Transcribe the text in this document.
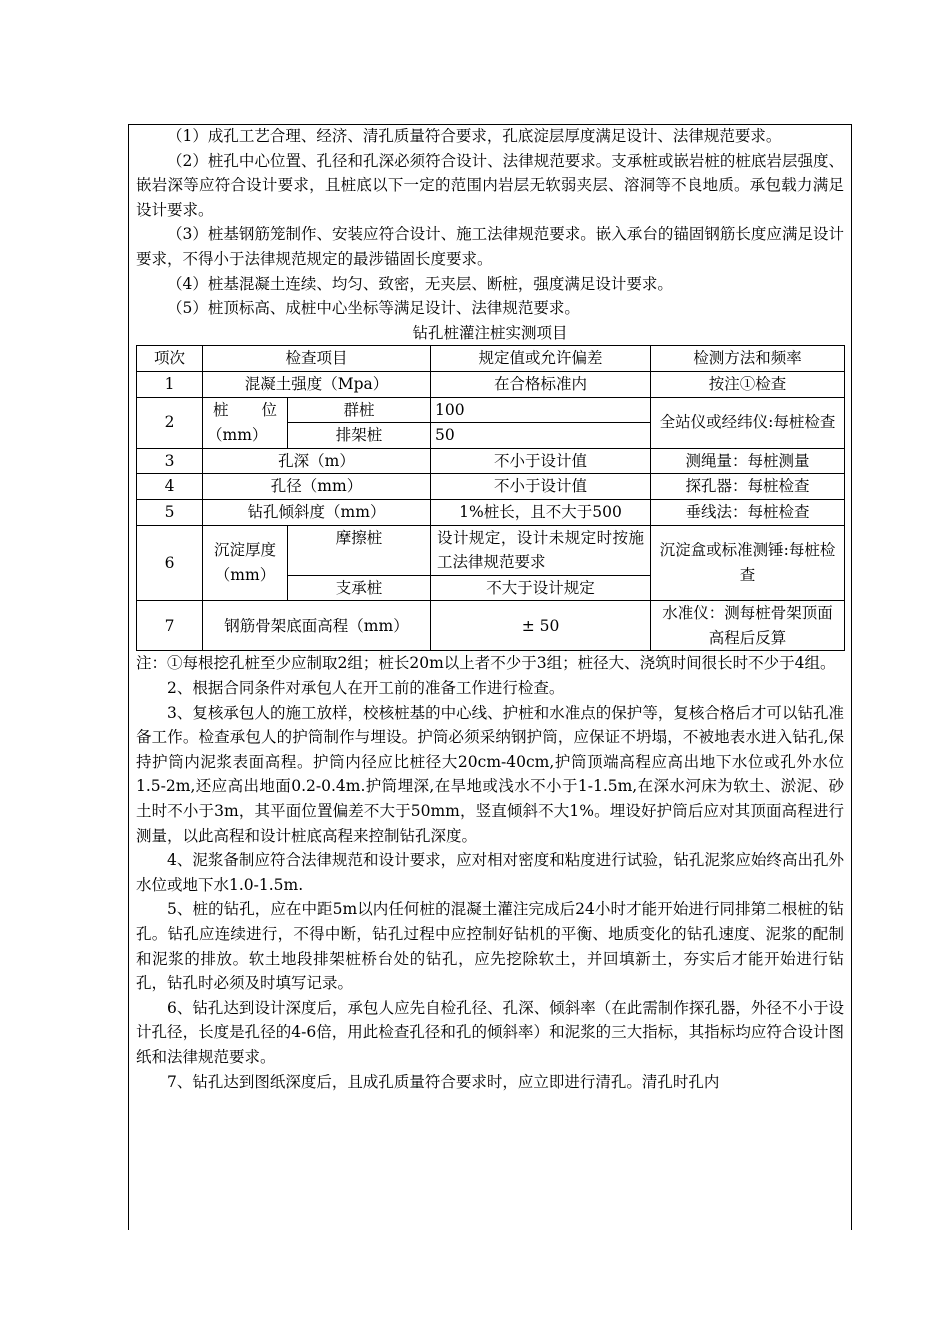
（1）成孔工艺合理、经济、清孔质量符合要求，孔底淀层厚度满足设计、法律规范要求。

（2）桩孔中心位置、孔径和孔深必须符合设计、法律规范要求。支承桩或嵌岩桩的桩底岩层强度、嵌岩深等应符合设计要求，且桩底以下一定的范围内岩层无软弱夹层、溶洞等不良地质。承包载力满足设计要求。

（3）桩基钢筋笼制作、安装应符合设计、施工法律规范要求。嵌入承台的锚固钢筋长度应满足设计要求，不得小于法律规范规定的最涉锚固长度要求。

（4）桩基混凝土连续、均匀、致密，无夹层、断桩，强度满足设计要求。

（5）桩顶标高、成桩中心坐标等满足设计、法律规范要求。

钻孔桩灌注桩实测项目

项次	检查项目		规定值或允许偏差	检测方法和频率
1	混凝土强度（Mpa）		在合格标准内	按注①检查
2	桩 位
（mm）	群桩	100	全站仪或经纬仪:每桩检查
		排架桩	50	
3	孔深（m）		不小于设计值	测绳量：每桩测量
4	孔径（mm）		不小于设计值	探孔器：每桩检查
5	钻孔倾斜度（mm）		1%桩长，且不大于500	垂线法：每桩检查
6	沉淀厚度
（mm）	摩擦桩	设计规定，设计未规定时按施工法律规范要求	沉淀盒或标准测锤:每桩检查
		支承桩	不大于设计规定	
7	钢筋骨架底面高程（mm）		± 50	水准仪：测每桩骨架顶面高程后反算

注：①每根挖孔桩至少应制取2组；桩长20m以上者不少于3组；桩径大、浇筑时间很长时不少于4组。

2、根据合同条件对承包人在开工前的准备工作进行检查。

3、复核承包人的施工放样，校核桩基的中心线、护桩和水准点的保护等，复核合格后才可以钻孔准备工作。检查承包人的护筒制作与埋设。护筒必须采纳钢护筒，应保证不坍塌，不被地表水进入钻孔,保持护筒内泥浆表面高程。护筒内径应比桩径大20cm-40cm,护筒顶端高程应高出地下水位或孔外水位1.5-2m,还应高出地面0.2-0.4m.护筒埋深,在旱地或浅水不小于1-1.5m,在深水河床为软土、淤泥、砂土时不小于3m，其平面位置偏差不大于50mm，竖直倾斜不大1%。埋设好护筒后应对其顶面高程进行测量，以此高程和设计桩底高程来控制钻孔深度。

4、泥浆备制应符合法律规范和设计要求，应对相对密度和粘度进行试验，钻孔泥浆应始终高出孔外水位或地下水1.0-1.5m.

5、桩的钻孔，应在中距5m以内任何桩的混凝土灌注完成后24小时才能开始进行同排第二根桩的钻孔。钻孔应连续进行，不得中断，钻孔过程中应控制好钻机的平衡、地质变化的钻孔速度、泥浆的配制和泥浆的排放。软土地段排架桩桥台处的钻孔，应先挖除软土，并回填新土，夯实后才能开始进行钻孔，钻孔时必须及时填写记录。

6、钻孔达到设计深度后，承包人应先自检孔径、孔深、倾斜率（在此需制作探孔器，外径不小于设计孔径，长度是孔径的4-6倍，用此检查孔径和孔的倾斜率）和泥浆的三大指标，其指标均应符合设计图纸和法律规范要求。

7、钻孔达到图纸深度后，且成孔质量符合要求时，应立即进行清孔。清孔时孔内
